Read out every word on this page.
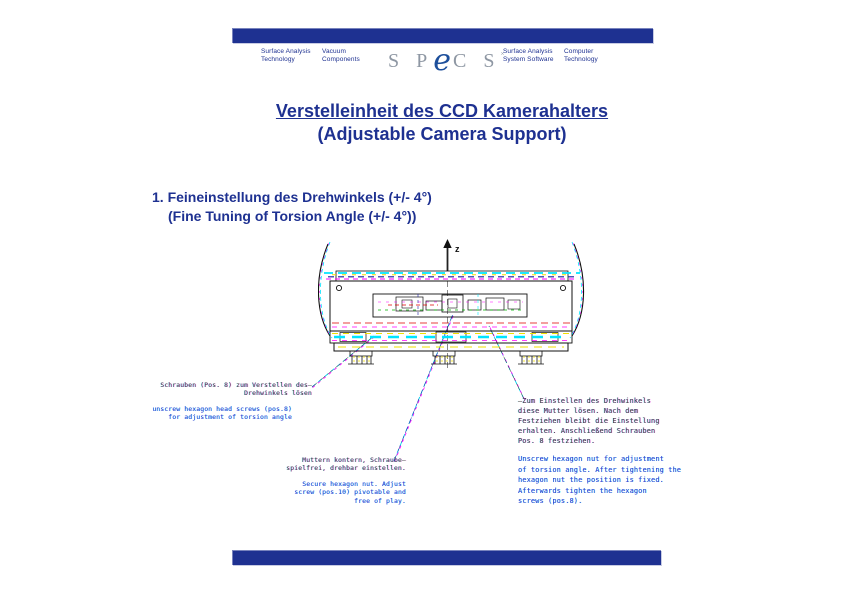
Surface Analysis
Technology
Vacuum
Components S PeC S×
Surface Analysis
System Software
Computer
Technology
Verstelleinheit des CCD Kamerahalters
(Adjustable Camera Support)
1. Feineinstellung des Drehwinkels (+/- 4°)
(Fine Tuning of Torsion Angle (+/- 4°))
z
Schrauben (Pos. 8) zum Verstellen des—
Drehwinkels lösen
unscrew hexagon head screws (pos.8)
for adjustment of torsion angle
Muttern kontern, Schraube—
spielfrei, drehbar einstellen.
Secure hexagon nut. Adjust
screw (pos.10) pivotable and
free of play.
—Zum Einstellen des Drehwinkels
diese Mutter lösen. Nach dem
Festziehen bleibt die Einstellung
erhalten. Anschließend Schrauben
Pos. 8 festziehen.
Unscrew hexagon nut for adjustment
of torsion angle. After tightening the
hexagon nut the position is fixed.
Afterwards tighten the hexagon
screws (pos.8).
